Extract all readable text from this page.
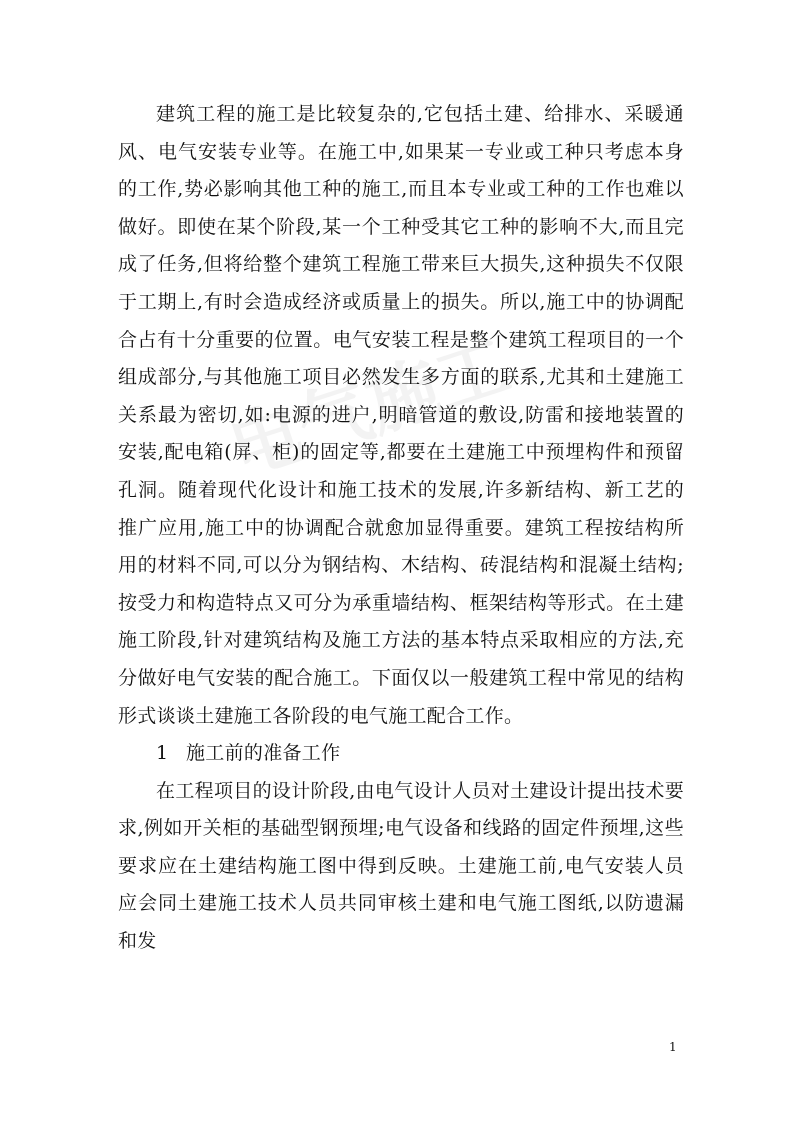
建筑工程的施工是比较复杂的,它包括土建、给排水、采暖通风、电气安装专业等。在施工中,如果某一专业或工种只考虑本身的工作,势必影响其他工种的施工,而且本专业或工种的工作也难以做好。即使在某个阶段,某一个工种受其它工种的影响不大,而且完成了任务,但将给整个建筑工程施工带来巨大损失,这种损失不仅限于工期上,有时会造成经济或质量上的损失。所以,施工中的协调配合占有十分重要的位置。电气安装工程是整个建筑工程项目的一个组成部分,与其他施工项目必然发生多方面的联系,尤其和土建施工关系最为密切,如:电源的进户,明暗管道的敷设,防雷和接地装置的安装,配电箱(屏、柜)的固定等,都要在土建施工中预埋构件和预留孔洞。随着现代化设计和施工技术的发展,许多新结构、新工艺的推广应用,施工中的协调配合就愈加显得重要。建筑工程按结构所用的材料不同,可以分为钢结构、木结构、砖混结构和混凝土结构;按受力和构造特点又可分为承重墙结构、框架结构等形式。在土建施工阶段,针对建筑结构及施工方法的基本特点采取相应的方法,充分做好电气安装的配合施工。下面仅以一般建筑工程中常见的结构形式谈谈土建施工各阶段的电气施工配合工作。

1 施工前的准备工作

在工程项目的设计阶段,由电气设计人员对土建设计提出技术要求,例如开关柜的基础型钢预埋;电气设备和线路的固定件预埋,这些要求应在土建结构施工图中得到反映。土建施工前,电气安装人员应会同土建施工技术人员共同审核土建和电气施工图纸,以防遗漏和发

1
